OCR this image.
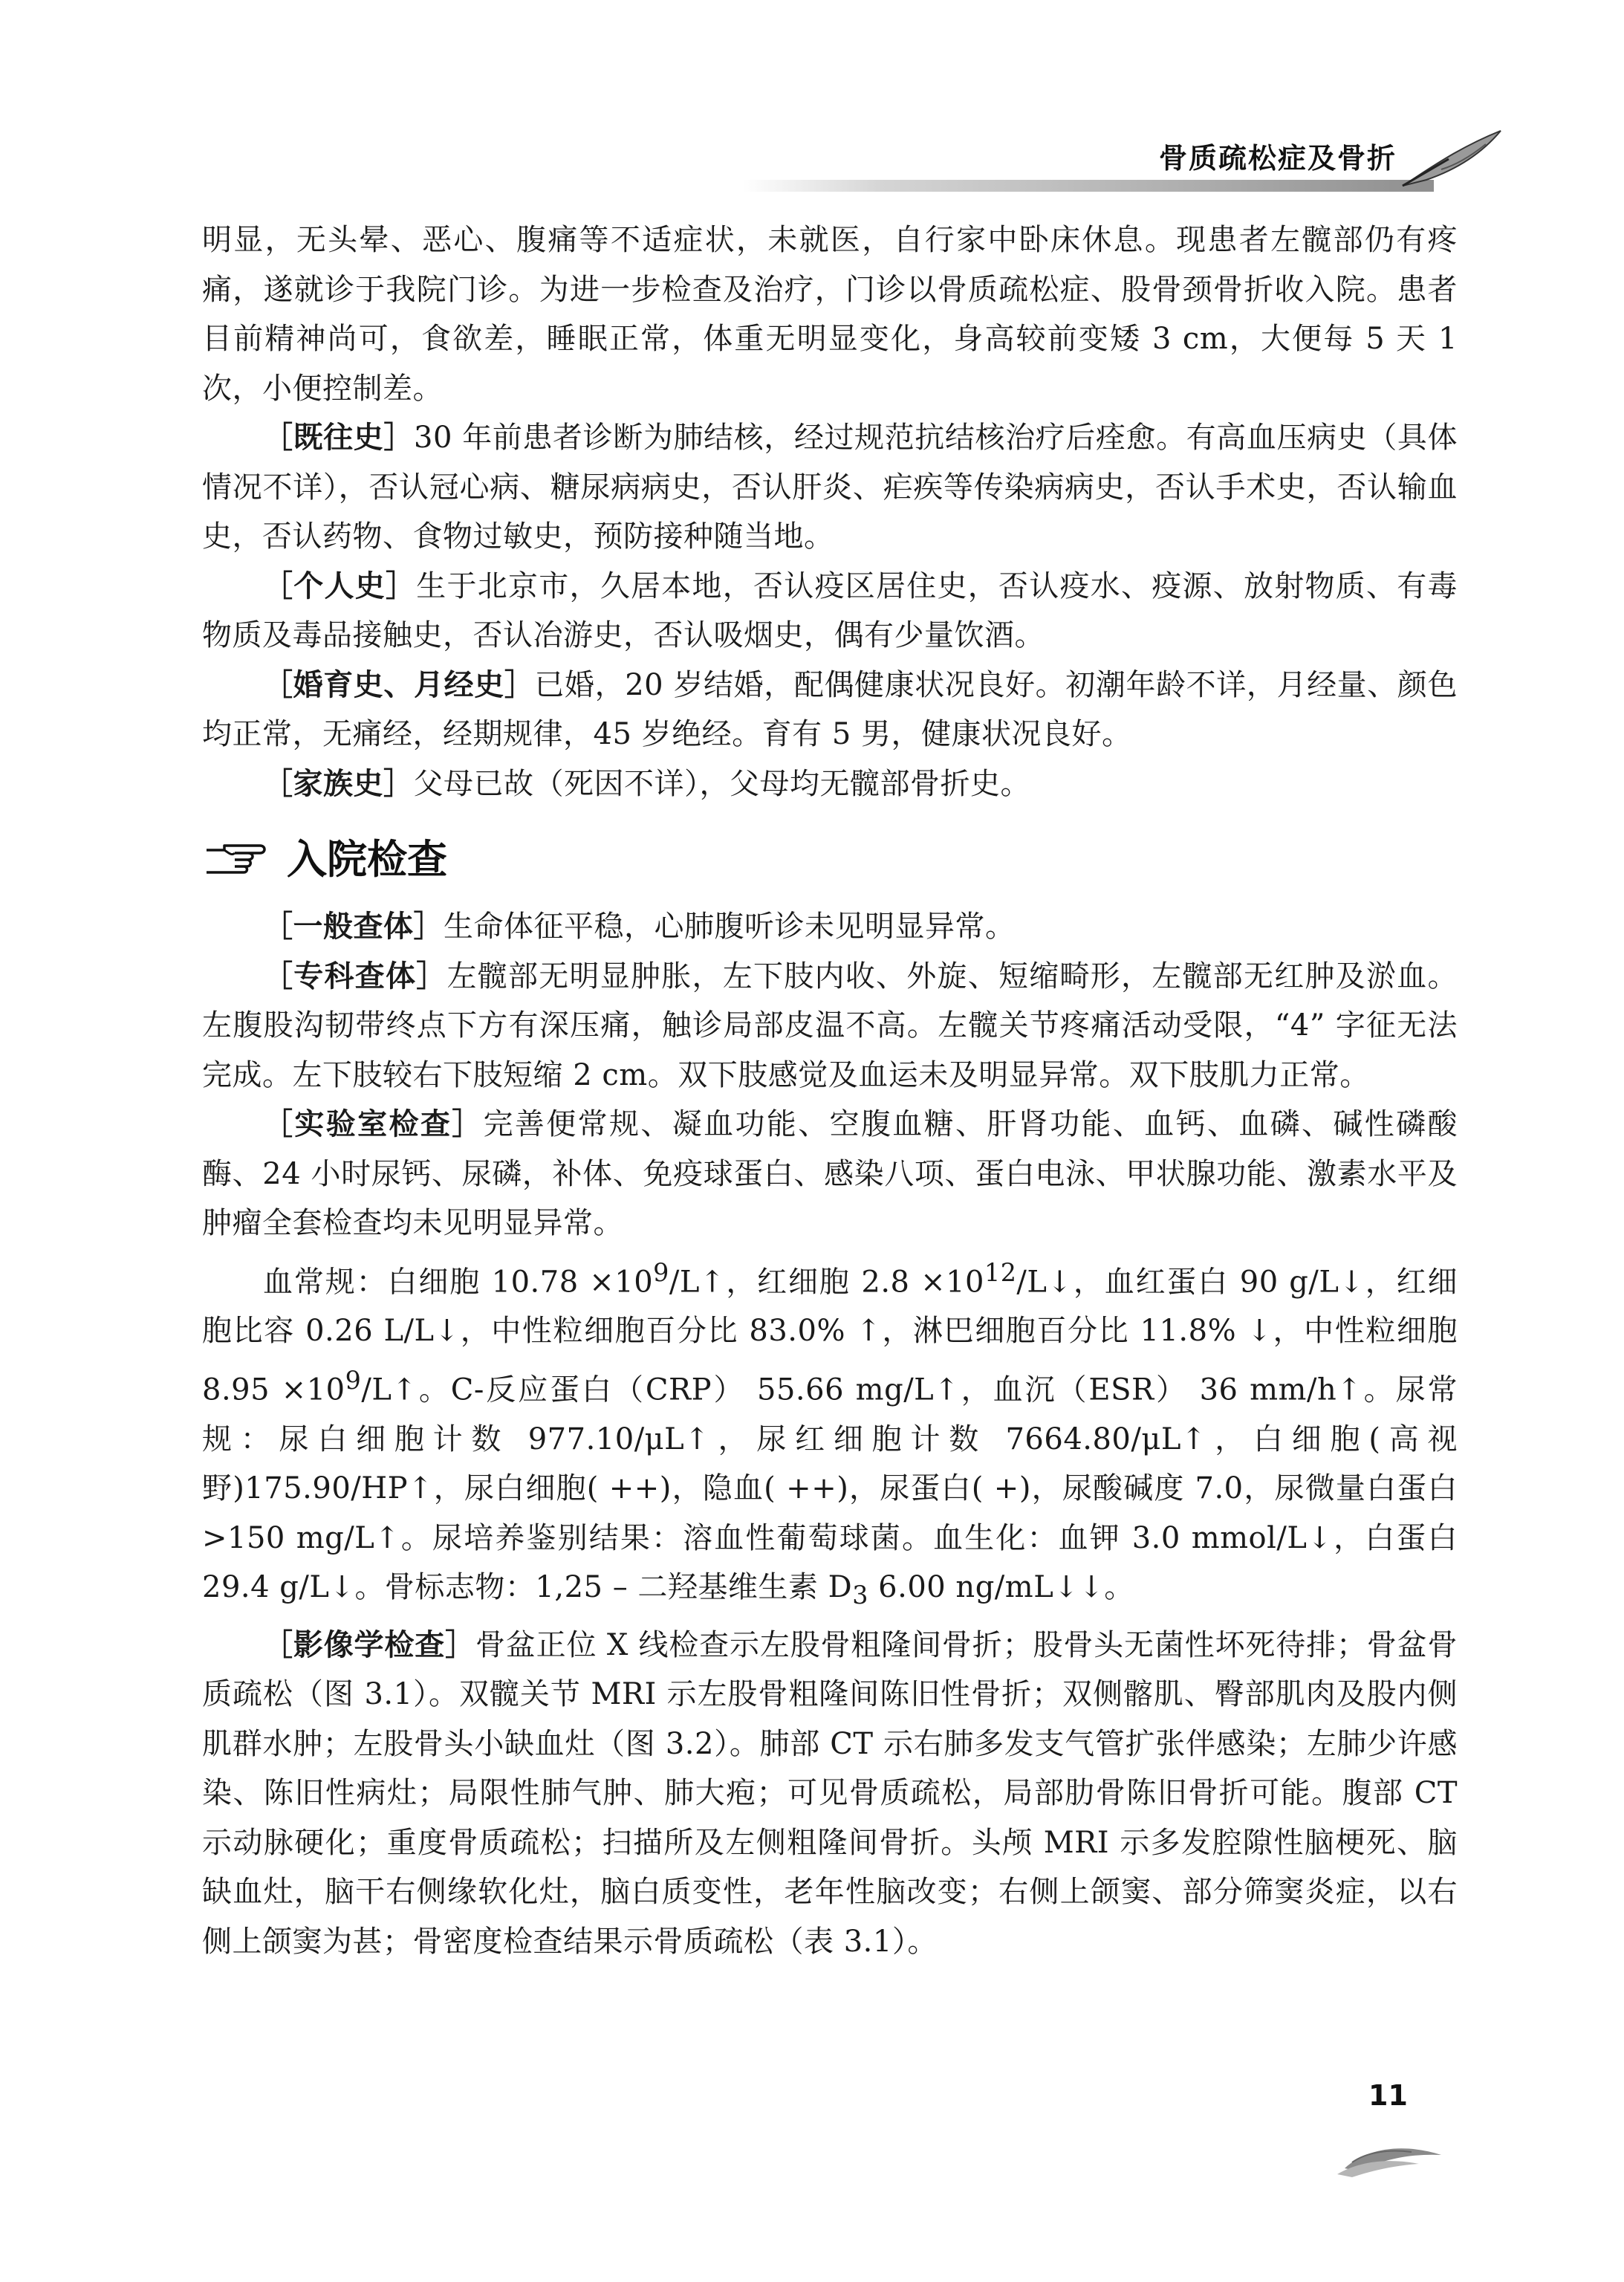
骨质疏松症及骨折

明显，无头晕、恶心、腹痛等不适症状，未就医，自行家中卧床休息。现患者左髋部仍有疼痛，遂就诊于我院门诊。为进一步检查及治疗，门诊以骨质疏松症、股骨颈骨折收入院。患者目前精神尚可，食欲差，睡眠正常，体重无明显变化，身高较前变矮 3 cm，大便每 5 天 1 次，小便控制差。

［既往史］30 年前患者诊断为肺结核，经过规范抗结核治疗后痊愈。有高血压病史（具体情况不详），否认冠心病、糖尿病病史，否认肝炎、疟疾等传染病病史，否认手术史，否认输血史，否认药物、食物过敏史，预防接种随当地。

［个人史］生于北京市，久居本地，否认疫区居住史，否认疫水、疫源、放射物质、有毒物质及毒品接触史，否认冶游史，否认吸烟史，偶有少量饮酒。

［婚育史、月经史］已婚，20 岁结婚，配偶健康状况良好。初潮年龄不详，月经量、颜色均正常，无痛经，经期规律，45 岁绝经。育有 5 男，健康状况良好。

［家族史］父母已故（死因不详），父母均无髋部骨折史。

入院检查

［一般查体］生命体征平稳，心肺腹听诊未见明显异常。

［专科查体］左髋部无明显肿胀，左下肢内收、外旋、短缩畸形，左髋部无红肿及淤血。左腹股沟韧带终点下方有深压痛，触诊局部皮温不高。左髋关节疼痛活动受限，“4” 字征无法完成。左下肢较右下肢短缩 2 cm。双下肢感觉及血运未及明显异常。双下肢肌力正常。

［实验室检查］完善便常规、凝血功能、空腹血糖、肝肾功能、血钙、血磷、碱性磷酸酶、24 小时尿钙、尿磷，补体、免疫球蛋白、感染八项、蛋白电泳、甲状腺功能、激素水平及肿瘤全套检查均未见明显异常。

血常规：白细胞 $10.78 \times 10^9/L↑$，红细胞 $2.8 \times 10^{12}/L↓$，血红蛋白 90 g/L↓，红细胞比容 0.26 L/L↓，中性粒细胞百分比 83.0% ↑，淋巴细胞百分比 11.8% ↓，中性粒细胞 $8.95 \times 10^9/L↑$。C-反应蛋白（CRP） 55.66 mg/L↑，血沉（ESR） 36 mm/h↑。尿常规：尿白细胞计数 977.10/μL↑，尿红细胞计数 7664.80/μL↑，白细胞(高视野)175.90/HP↑，尿白细胞( ++)，隐血( ++)，尿蛋白( +)，尿酸碱度 7.0，尿微量白蛋白 >150 mg/L↑。尿培养鉴别结果：溶血性葡萄球菌。血生化：血钾 3.0 mmol/L↓，白蛋白 29.4 g/L↓。骨标志物：1,25 – 二羟基维生素 $D_3$ 6.00 ng/mL↓↓。

［影像学检查］骨盆正位 X 线检查示左股骨粗隆间骨折；股骨头无菌性坏死待排；骨盆骨质疏松（图 3.1）。双髋关节 MRI 示左股骨粗隆间陈旧性骨折；双侧髂肌、臀部肌肉及股内侧肌群水肿；左股骨头小缺血灶（图 3.2）。肺部 CT 示右肺多发支气管扩张伴感染；左肺少许感染、陈旧性病灶；局限性肺气肿、肺大疱；可见骨质疏松，局部肋骨陈旧骨折可能。腹部 CT 示动脉硬化；重度骨质疏松；扫描所及左侧粗隆间骨折。头颅 MRI 示多发腔隙性脑梗死、脑缺血灶，脑干右侧缘软化灶，脑白质变性，老年性脑改变；右侧上颌窦、部分筛窦炎症，以右侧上颌窦为甚；骨密度检查结果示骨质疏松（表 3.1）。

11
